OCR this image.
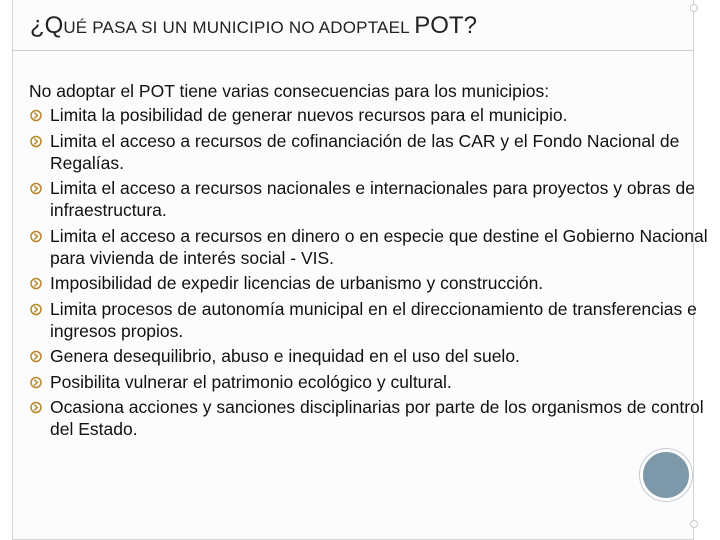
¿QUÉ PASA SI UN MUNICIPIO NO ADOPTAEL POT?

No adoptar el POT tiene varias consecuencias para los municipios:

Limita la posibilidad de generar nuevos recursos para el municipio.
Limita el acceso a recursos de cofinanciación de las CAR y el Fondo Nacional de Regalías.
Limita el acceso a recursos nacionales e internacionales para proyectos y obras de infraestructura.
Limita el acceso a recursos en dinero o en especie que destine el Gobierno Nacional para vivienda de interés social - VIS.
Imposibilidad de expedir licencias de urbanismo y construcción.
Limita procesos de autonomía municipal en el direccionamiento de transferencias e ingresos propios.
Genera desequilibrio, abuso e inequidad en el uso del suelo.
Posibilita vulnerar el patrimonio ecológico y cultural.
Ocasiona acciones y sanciones disciplinarias por parte de los organismos de control del Estado.
